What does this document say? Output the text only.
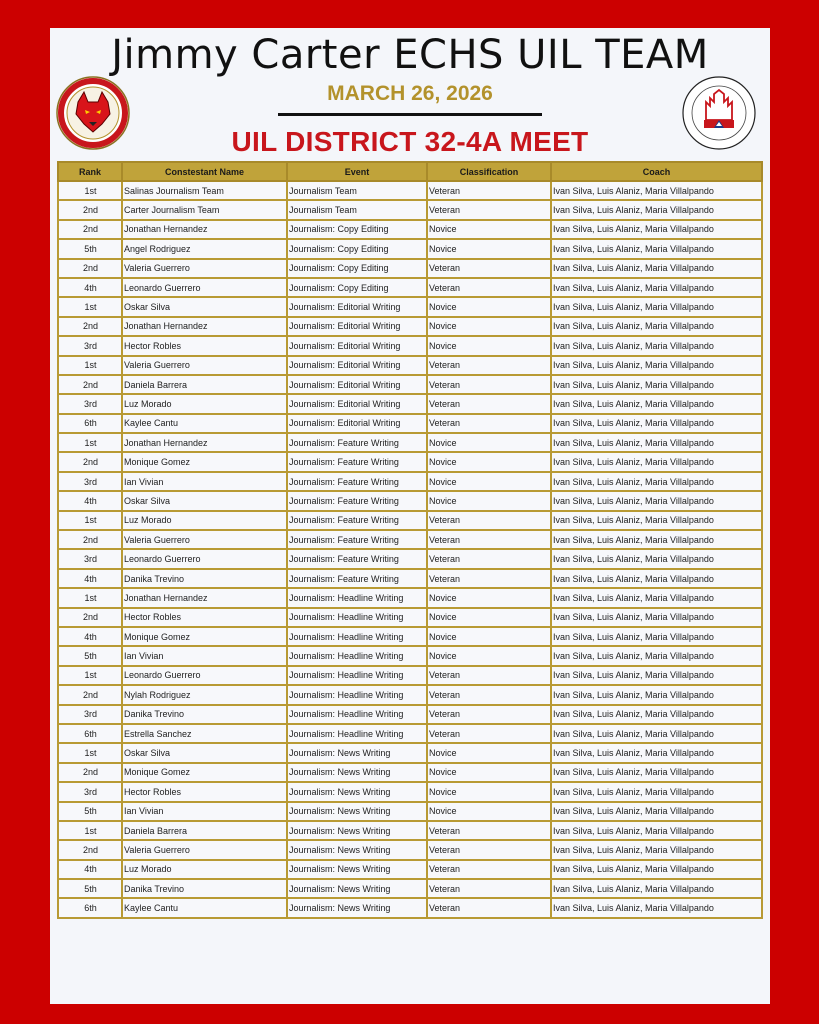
Jimmy Carter ECHS UIL TEAM
MARCH 26, 2026
UIL DISTRICT 32-4A MEET
Rank	Constestant Name	Event	Classification	Coach
1st	Salinas Journalism Team	Journalism Team	Veteran	Ivan Silva, Luis Alaniz, Maria Villalpando
2nd	Carter Journalism Team	Journalism Team	Veteran	Ivan Silva, Luis Alaniz, Maria Villalpando
2nd	Jonathan Hernandez	Journalism: Copy Editing	Novice	Ivan Silva, Luis Alaniz, Maria Villalpando
5th	Angel Rodriguez	Journalism: Copy Editing	Novice	Ivan Silva, Luis Alaniz, Maria Villalpando
2nd	Valeria Guerrero	Journalism: Copy Editing	Veteran	Ivan Silva, Luis Alaniz, Maria Villalpando
4th	Leonardo Guerrero	Journalism: Copy Editing	Veteran	Ivan Silva, Luis Alaniz, Maria Villalpando
1st	Oskar Silva	Journalism: Editorial Writing	Novice	Ivan Silva, Luis Alaniz, Maria Villalpando
2nd	Jonathan Hernandez	Journalism: Editorial Writing	Novice	Ivan Silva, Luis Alaniz, Maria Villalpando
3rd	Hector Robles	Journalism: Editorial Writing	Novice	Ivan Silva, Luis Alaniz, Maria Villalpando
1st	Valeria Guerrero	Journalism: Editorial Writing	Veteran	Ivan Silva, Luis Alaniz, Maria Villalpando
2nd	Daniela Barrera	Journalism: Editorial Writing	Veteran	Ivan Silva, Luis Alaniz, Maria Villalpando
3rd	Luz Morado	Journalism: Editorial Writing	Veteran	Ivan Silva, Luis Alaniz, Maria Villalpando
6th	Kaylee Cantu	Journalism: Editorial Writing	Veteran	Ivan Silva, Luis Alaniz, Maria Villalpando
1st	Jonathan Hernandez	Journalism: Feature Writing	Novice	Ivan Silva, Luis Alaniz, Maria Villalpando
2nd	Monique Gomez	Journalism: Feature Writing	Novice	Ivan Silva, Luis Alaniz, Maria Villalpando
3rd	Ian Vivian	Journalism: Feature Writing	Novice	Ivan Silva, Luis Alaniz, Maria Villalpando
4th	Oskar Silva	Journalism: Feature Writing	Novice	Ivan Silva, Luis Alaniz, Maria Villalpando
1st	Luz Morado	Journalism: Feature Writing	Veteran	Ivan Silva, Luis Alaniz, Maria Villalpando
2nd	Valeria Guerrero	Journalism: Feature Writing	Veteran	Ivan Silva, Luis Alaniz, Maria Villalpando
3rd	Leonardo Guerrero	Journalism: Feature Writing	Veteran	Ivan Silva, Luis Alaniz, Maria Villalpando
4th	Danika Trevino	Journalism: Feature Writing	Veteran	Ivan Silva, Luis Alaniz, Maria Villalpando
1st	Jonathan Hernandez	Journalism: Headline Writing	Novice	Ivan Silva, Luis Alaniz, Maria Villalpando
2nd	Hector Robles	Journalism: Headline Writing	Novice	Ivan Silva, Luis Alaniz, Maria Villalpando
4th	Monique Gomez	Journalism: Headline Writing	Novice	Ivan Silva, Luis Alaniz, Maria Villalpando
5th	Ian Vivian	Journalism: Headline Writing	Novice	Ivan Silva, Luis Alaniz, Maria Villalpando
1st	Leonardo Guerrero	Journalism: Headline Writing	Veteran	Ivan Silva, Luis Alaniz, Maria Villalpando
2nd	Nylah Rodriguez	Journalism: Headline Writing	Veteran	Ivan Silva, Luis Alaniz, Maria Villalpando
3rd	Danika Trevino	Journalism: Headline Writing	Veteran	Ivan Silva, Luis Alaniz, Maria Villalpando
6th	Estrella Sanchez	Journalism: Headline Writing	Veteran	Ivan Silva, Luis Alaniz, Maria Villalpando
1st	Oskar Silva	Journalism: News Writing	Novice	Ivan Silva, Luis Alaniz, Maria Villalpando
2nd	Monique Gomez	Journalism: News Writing	Novice	Ivan Silva, Luis Alaniz, Maria Villalpando
3rd	Hector Robles	Journalism: News Writing	Novice	Ivan Silva, Luis Alaniz, Maria Villalpando
5th	Ian Vivian	Journalism: News Writing	Novice	Ivan Silva, Luis Alaniz, Maria Villalpando
1st	Daniela Barrera	Journalism: News Writing	Veteran	Ivan Silva, Luis Alaniz, Maria Villalpando
2nd	Valeria Guerrero	Journalism: News Writing	Veteran	Ivan Silva, Luis Alaniz, Maria Villalpando
4th	Luz Morado	Journalism: News Writing	Veteran	Ivan Silva, Luis Alaniz, Maria Villalpando
5th	Danika Trevino	Journalism: News Writing	Veteran	Ivan Silva, Luis Alaniz, Maria Villalpando
6th	Kaylee Cantu	Journalism: News Writing	Veteran	Ivan Silva, Luis Alaniz, Maria Villalpando
